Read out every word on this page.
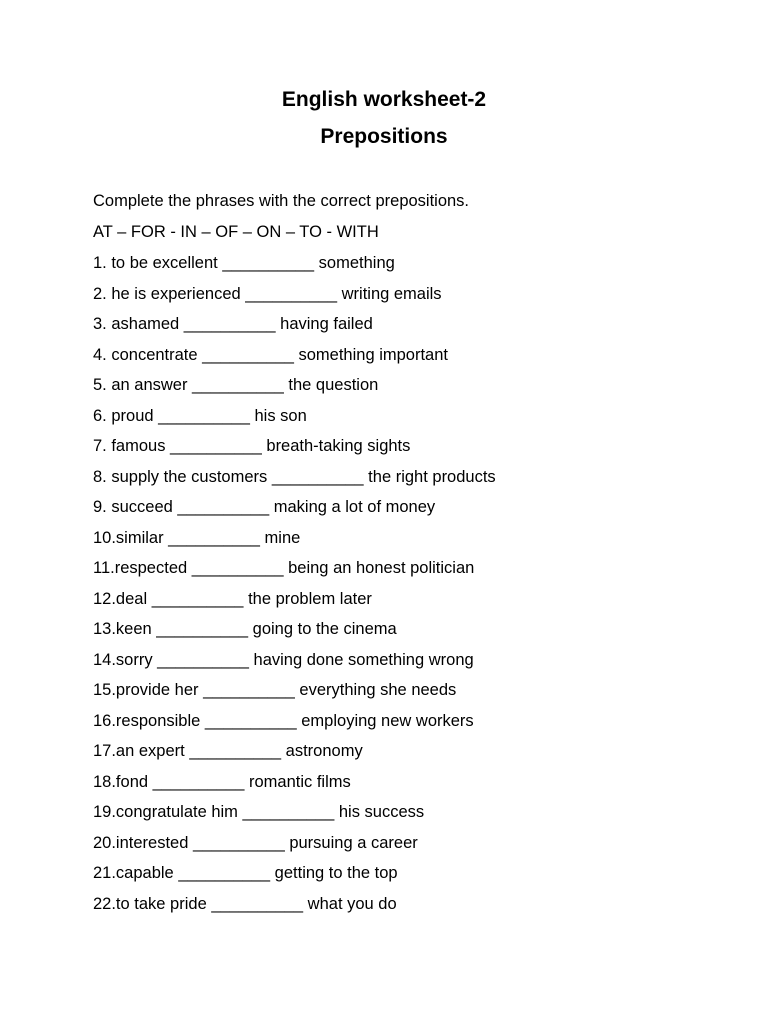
English worksheet-2
Prepositions
Complete the phrases with the correct prepositions.
AT – FOR - IN – OF – ON – TO - WITH
1. to be excellent __________ something
2. he is experienced __________ writing emails
3. ashamed __________ having failed
4. concentrate __________ something important
5. an answer __________ the question
6. proud __________ his son
7. famous __________ breath-taking sights
8. supply the customers __________ the right products
9. succeed __________ making a lot of money
10.similar __________ mine
11.respected __________ being an honest politician
12.deal __________ the problem later
13.keen __________ going to the cinema
14.sorry __________ having done something wrong
15.provide her __________ everything she needs
16.responsible __________ employing new workers
17.an expert __________ astronomy
18.fond __________ romantic films
19.congratulate him __________ his success
20.interested __________ pursuing a career
21.capable __________ getting to the top
22.to take pride __________ what you do
